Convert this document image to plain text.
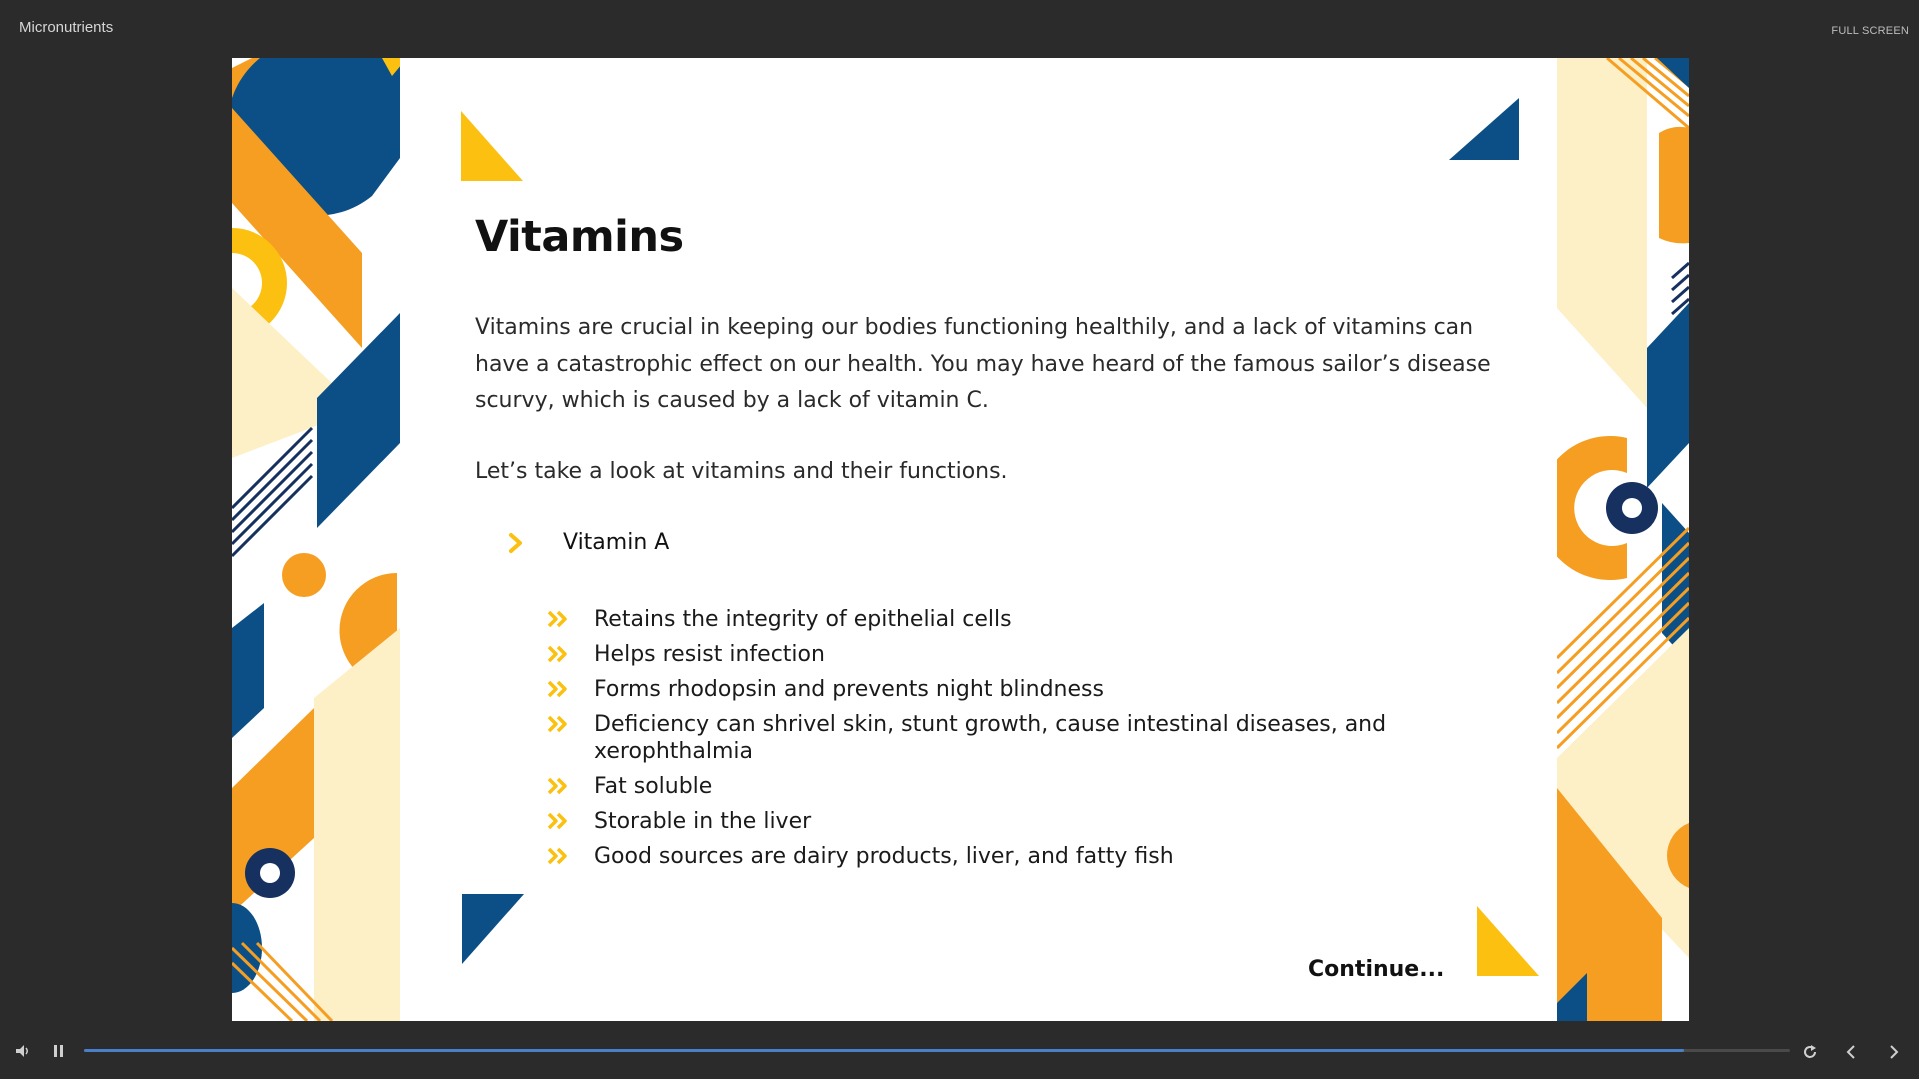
Micronutrients	FULL SCREEN
Vitamins
Vitamins are crucial in keeping our bodies functioning healthily, and a lack of vitamins can have a catastrophic effect on our health. You may have heard of the famous sailor’s disease scurvy, which is caused by a lack of vitamin C.
Let’s take a look at vitamins and their functions.
Vitamin A
Retains the integrity of epithelial cells
Helps resist infection
Forms rhodopsin and prevents night blindness
Deficiency can shrivel skin, stunt growth, cause intestinal diseases, and xerophthalmia
Fat soluble
Storable in the liver
Good sources are dairy products, liver, and fatty fish
Continue...
